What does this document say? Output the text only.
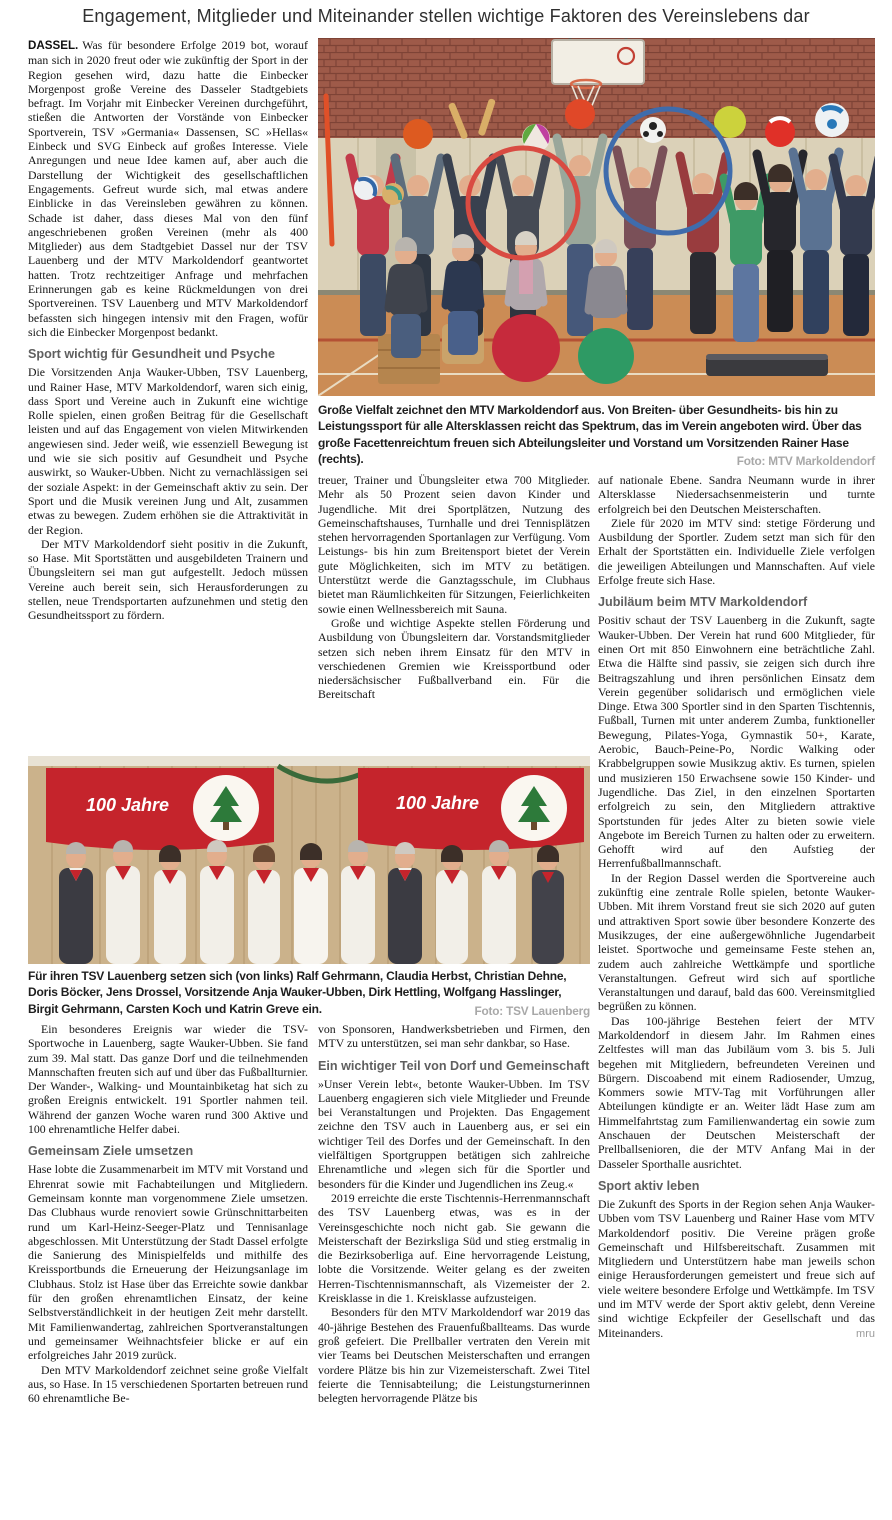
Engagement, Mitglieder und Miteinander stellen wichtige Faktoren des Vereinslebens dar
Große Vielfalt zeichnet den MTV Markoldendorf aus. Von Breiten- über Gesundheits- bis hin zu Leistungssport für alle Altersklassen reicht das Spektrum, das im Verein angeboten wird. Über das große Facettenreichtum freuen sich Abteilungsleiter und Vorstand um Vorsitzenden Rainer Hase (rechts).	Foto: MTV Markoldendorf

DASSEL. Was für besondere Erfolge 2019 bot, worauf man sich in 2020 freut oder wie zukünftig der Sport in der Region gesehen wird, dazu hatte die Einbecker Morgenpost große Vereine des Dasseler Stadtgebiets befragt. Im Vorjahr mit Einbecker Vereinen durchgeführt, stießen die Antworten der Vorstände von Einbecker Sportverein, TSV »Germania« Dassensen, SC »Hellas« Einbeck und SVG Einbeck auf großes Interesse. Viele Anregungen und neue Idee kamen auf, aber auch die Darstellung der Wichtigkeit des gesellschaftlichen Engagements. Gefreut wurde sich, mal etwas andere Einblicke in das Vereinsleben gewähren zu können. Schade ist daher, dass dieses Mal von den fünf angeschriebenen großen Vereinen (mehr als 400 Mitglieder) aus dem Stadtgebiet Dassel nur der TSV Lauenberg und der MTV Markoldendorf geantwortet hatten. Trotz rechtzeitiger Anfrage und mehrfachen Erinnerungen gab es keine Rückmeldungen von drei Sportvereinen. TSV Lauenberg und MTV Markoldendorf befassten sich hingegen intensiv mit den Fragen, wofür sich die Einbecker Morgenpost bedankt.

Sport wichtig für Gesundheit und Psyche

Die Vorsitzenden Anja Wauker-Ubben, TSV Lauenberg, und Rainer Hase, MTV Markoldendorf, waren sich einig, dass Sport und Vereine auch in Zukunft eine wichtige Rolle spielen, einen großen Beitrag für die Gesellschaft leisten und auf das Engagement von vielen Mitwirkenden angewiesen sind. Jeder weiß, wie essenziell Bewegung ist und wie sie sich positiv auf Gesundheit und Psyche auswirkt, so Wauker-Ubben. Nicht zu vernachlässigen sei der soziale Aspekt: in der Gemeinschaft aktiv zu sein. Der Sport und die Musik vereinen Jung und Alt, zusammen etwas zu bewegen. Zudem erhöhen sie die Attraktivität in der Region.

Der MTV Markoldendorf sieht positiv in die Zukunft, so Hase. Mit Sportstätten und ausgebildeten Trainern und Übungsleitern sei man gut aufgestellt. Jedoch müssen Vereine auch bereit sein, sich Herausforderungen zu stellen, neue Trendsportarten aufzunehmen und stetig den Gesundheitssport zu fördern.

treuer, Trainer und Übungsleiter etwa 700 Mitglieder. Mehr als 50 Prozent seien davon Kinder und Jugendliche. Mit drei Sportplätzen, Nutzung des Gemeinschaftshauses, Turnhalle und drei Tennisplätzen stehen hervorragenden Sportanlagen zur Verfügung. Vom Leistungs- bis hin zum Breitensport bietet der Verein gute Möglichkeiten, sich im MTV zu betätigen. Unterstützt werde die Ganztagsschule, im Clubhaus bietet man Räumlichkeiten für Sitzungen, Feierlichkeiten sowie einen Wellnessbereich mit Sauna.

Große und wichtige Aspekte stellen Förderung und Ausbildung von Übungsleitern dar. Vorstandsmitglieder setzen sich neben ihrem Einsatz für den MTV in verschiedenen Gremien wie Kreissportbund oder niedersächsischer Fußballverband ein. Für die Bereitschaft

auf nationale Ebene. Sandra Neumann wurde in ihrer Altersklasse Niedersachsenmeisterin und turnte erfolgreich bei den Deutschen Meisterschaften.

Ziele für 2020 im MTV sind: stetige Förderung und Ausbildung der Sportler. Zudem setzt man sich für den Erhalt der Sportstätten ein. Individuelle Ziele verfolgen die jeweiligen Abteilungen und Mannschaften. Auf viele Erfolge freute sich Hase.

Jubiläum beim MTV Markoldendorf

Positiv schaut der TSV Lauenberg in die Zukunft, sagte Wauker-Ubben. Der Verein hat rund 600 Mitglieder, für einen Ort mit 850 Einwohnern eine beträchtliche Zahl. Etwa die Hälfte sind passiv, sie zeigen sich durch ihre Beitragszahlung und ihren persönlichen Einsatz dem Verein gegenüber solidarisch und ermöglichen viele Dinge. Etwa 300 Sportler sind in den Sparten Tischtennis, Fußball, Turnen mit unter anderem Zumba, funktioneller Bewegung, Pilates-Yoga, Gymnastik 50+, Karate, Aerobic, Bauch-Peine-Po, Nordic Walking oder Krabbelgruppen sowie Musikzug aktiv. Es turnen, spielen und musizieren 150 Erwachsene sowie 150 Kinder- und Jugendliche. Das Ziel, in den einzelnen Sportarten erfolgreich zu sein, den Mitgliedern attraktive Sportstunden für jedes Alter zu bieten sowie viele Angebote im Bereich Turnen zu halten oder zu erweitern. Gehofft wird auf den Aufstieg der Herrenfußballmannschaft.

In der Region Dassel werden die Sportvereine auch zukünftig eine zentrale Rolle spielen, betonte Wauker-Ubben. Mit ihrem Vorstand freut sie sich 2020 auf guten und attraktiven Sport sowie über besondere Konzerte des Musikzuges, der eine außergewöhnliche Jugendarbeit leistet. Sportwoche und gemeinsame Feste stehen an, zudem auch zahlreiche Wettkämpfe und sportliche Veranstaltungen. Gefreut wird sich auf sportliche Veranstaltungen und darauf, bald das 600. Vereinsmitglied begrüßen zu können.

Das 100-jährige Bestehen feiert der MTV Markoldendorf in diesem Jahr. Im Rahmen eines Zeltfestes will man das Jubiläum vom 3. bis 5. Juli begehen mit Mitgliedern, befreundeten Vereinen und Bürgern. Discoabend mit einem Radiosender, Umzug, Kommers sowie MTV-Tag mit Vorführungen aller Abteilungen kündigte er an. Weiter lädt Hase zum am Himmelfahrtstag zum Familienwandertag ein sowie zum Anschauen der Deutschen Meisterschaft der Prellballsenioren, die der MTV Anfang Mai in der Dasseler Sporthalle ausrichtet.

Sport aktiv leben

Die Zukunft des Sports in der Region sehen Anja Wauker-Ubben vom TSV Lauenberg und Rainer Hase vom MTV Markoldendorf positiv. Die Vereine prägen große Gemeinschaft und Hilfsbereitschaft. Zusammen mit Mitgliedern und Unterstützern habe man jeweils schon einige Herausforderungen gemeistert und freue sich auf viele weitere besondere Erfolge und Wettkämpfe. Im TSV und im MTV werde der Sport aktiv gelebt, denn Vereine sind wichtige Eckpfeiler der Gesellschaft und das Miteinanders.	mru
100 Jahre	100 Jahre
Für ihren TSV Lauenberg setzen sich (von links) Ralf Gehrmann, Claudia Herbst, Christian Dehne, Doris Böcker, Jens Drossel, Vorsitzende Anja Wauker-Ubben, Dirk Hettling, Wolfgang Hasslinger, Birgit Gehrmann, Carsten Koch und Katrin Greve ein.	Foto: TSV Lauenberg

Ein besonderes Ereignis war wieder die TSV-Sportwoche in Lauenberg, sagte Wauker-Ubben. Sie fand zum 39. Mal statt. Das ganze Dorf und die teilnehmenden Mannschaften freuten sich auf und über das Fußballturnier. Der Wander-, Walking- und Mountainbiketag hat sich zu großen Ereignis entwickelt. 191 Sportler nahmen teil. Während der ganzen Woche waren rund 300 Aktive und 100 ehrenamtliche Helfer dabei.

Gemeinsam Ziele umsetzen

Hase lobte die Zusammenarbeit im MTV mit Vorstand und Ehrenrat sowie mit Fachabteilungen und Mitgliedern. Gemeinsam konnte man vorgenommene Ziele umsetzen. Das Clubhaus wurde renoviert sowie Grünschnittarbeiten rund um Karl-Heinz-Seeger-Platz und Tennisanlage abgeschlossen. Mit Unterstützung der Stadt Dassel erfolgte die Sanierung des Minispielfelds und mithilfe des Kreissportbunds die Erneuerung der Heizungsanlage im Clubhaus. Stolz ist Hase über das Erreichte sowie dankbar für den großen ehrenamtlichen Einsatz, der keine Selbstverständlichkeit in der heutigen Zeit mehr darstellt. Mit Familienwandertag, zahlreichen Sportveranstaltungen und gemeinsamer Weihnachtsfeier blicke er auf ein erfolgreiches Jahr 2019 zurück.

Den MTV Markoldendorf zeichnet seine große Vielfalt aus, so Hase. In 15 verschiedenen Sportarten betreuen rund 60 ehrenamtliche Be-

von Sponsoren, Handwerksbetrieben und Firmen, den MTV zu unterstützen, sei man sehr dankbar, so Hase.

Ein wichtiger Teil von Dorf und Gemeinschaft

»Unser Verein lebt«, betonte Wauker-Ubben. Im TSV Lauenberg engagieren sich viele Mitglieder und Freunde bei Veranstaltungen und Projekten. Das Engagement zeichne den TSV auch in Lauenberg aus, er sei ein wichtiger Teil des Dorfes und der Gemeinschaft. In den vielfältigen Sportgruppen betätigen sich zahlreiche Ehrenamtliche und »legen sich für die Sportler und besonders für die Kinder und Jugendlichen ins Zeug.«

2019 erreichte die erste Tischtennis-Herrenmannschaft des TSV Lauenberg etwas, was es in der Vereinsgeschichte noch nicht gab. Sie gewann die Meisterschaft der Bezirksliga Süd und stieg erstmalig in die Bezirksoberliga auf. Eine hervorragende Leistung, lobte die Vorsitzende. Weiter gelang es der zweiten Herren-Tischtennismannschaft, als Vizemeister der 2. Kreisklasse in die 1. Kreisklasse aufzusteigen.

Besonders für den MTV Markoldendorf war 2019 das 40-jährige Bestehen des Frauenfußballteams. Das wurde groß gefeiert. Die Prellballer vertraten den Verein mit vier Teams bei Deutschen Meisterschaften und errangen vordere Plätze bis hin zur Vizemeisterschaft. Zwei Titel feierte die Tennisabteilung; die Leistungsturnerinnen belegten hervorragende Plätze bis
